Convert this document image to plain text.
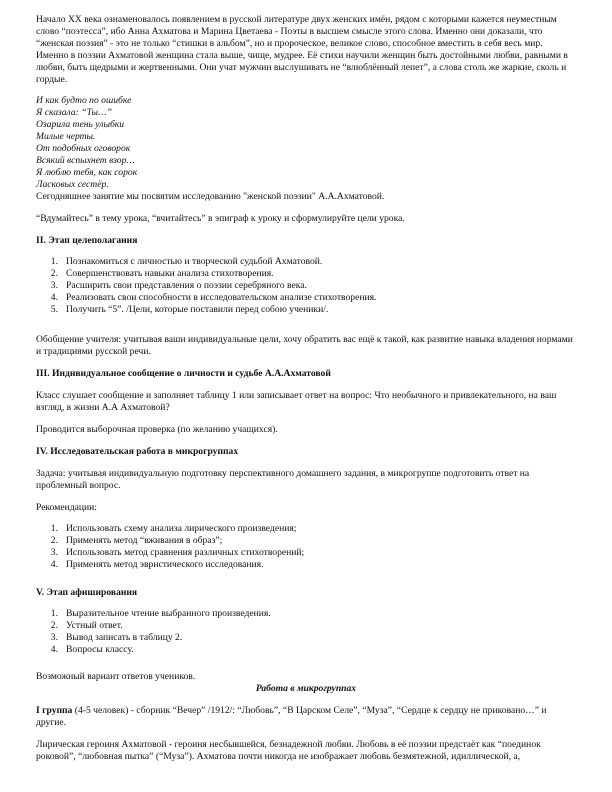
Начало XX века ознаменовалось появлением в русской литературе двух женских имён, рядом с которыми кажется неуместным слово “поэтесса”, ибо Анна Ахматова и Марина Цветаева - Поэты в высшем смысле этого слова. Именно они доказали, что “женская поэзия” - это не только “стишки в альбом”, но и пророческое, великое слово, способное вместить в себя весь мир. Именно в поэзии Ахматовой женщина стала выше, чище, мудрее. Её стихи научили женщин быть достойными любви, равными в любви, быть щедрыми и жертвенными. Они учат мужчин выслушивать не “влюблённый лепет”, а слова столь же жаркие, сколь и гордые.

И как будто по ошибке
Я сказала: “Ты…”
Озарила тень улыбки
Милые черты.
От подобных оговорок
Всякий вспыхнет взор…
Я люблю тебя, как сорок
Ласковых сестёр.

Сегодняшнее занятие мы посвятим исследованию "женской поэзии" А.А.Ахматовой.

“Вдумайтесь” в тему урока, “вчитайтесь” в эпиграф к уроку и сформулируйте цели урока.

II. Этап целеполагания
1. Познакомиться с личностью и творческой судьбой Ахматовой.
2. Совершенствовать навыки анализа стихотворения.
3. Расширить свои представления о поэзии серебряного века.
4. Реализовать свои способности в исследовательском анализе стихотворения.
5. Получить “5”. /Цели, которые поставили перед собою ученики/.

Обобщение учителя: учитывая ваши индивидуальные цели, хочу обратить вас ещё к такой, как развитие навыка владения нормами и традициями русской речи.

III. Индивидуальное сообщение о личности и судьбе А.А.Ахматовой

Класс слушает сообщение и заполняет таблицу 1 или записывает ответ на вопрос: Что необычного и привлекательного, на ваш взгляд, в жизни А.А Ахматовой?

Проводится выборочная проверка (по желанию учащихся).

IV. Исследовательская работа в микрогруппах

Задача: учитывая индивидуальную подготовку перспективного домашнего задания, в микрогруппе подготовить ответ на проблемный вопрос.

Рекомендации:

1. Использовать схему анализа лирического произведения;
2. Применять метод “вживания в образ”;
3. Использовать метод сравнения различных стихотворений;
4. Применять метод эвристического исследования.
V. Этап афиширования
1. Выразительное чтение выбранного произведения.
2. Устный ответ.
3. Вывод записать в таблицу 2.
4. Вопросы классу.

Возможный вариант ответов учеников.

Работа в микрогруппах

I группа (4-5 человек) - сборник “Вечер” /1912/: “Любовь”, “В Царском Селе”, “Муза”, “Сердце к сердцу не приковано…” и другие.

Лирическая героиня Ахматовой - героиня несбывшейся, безнадежной любви. Любовь в её поэзии предстаёт как “поединок роковой”, “любовная пытка” (“Муза”). Ахматова почти никогда не изображает любовь безмятежной, идиллической, а,
